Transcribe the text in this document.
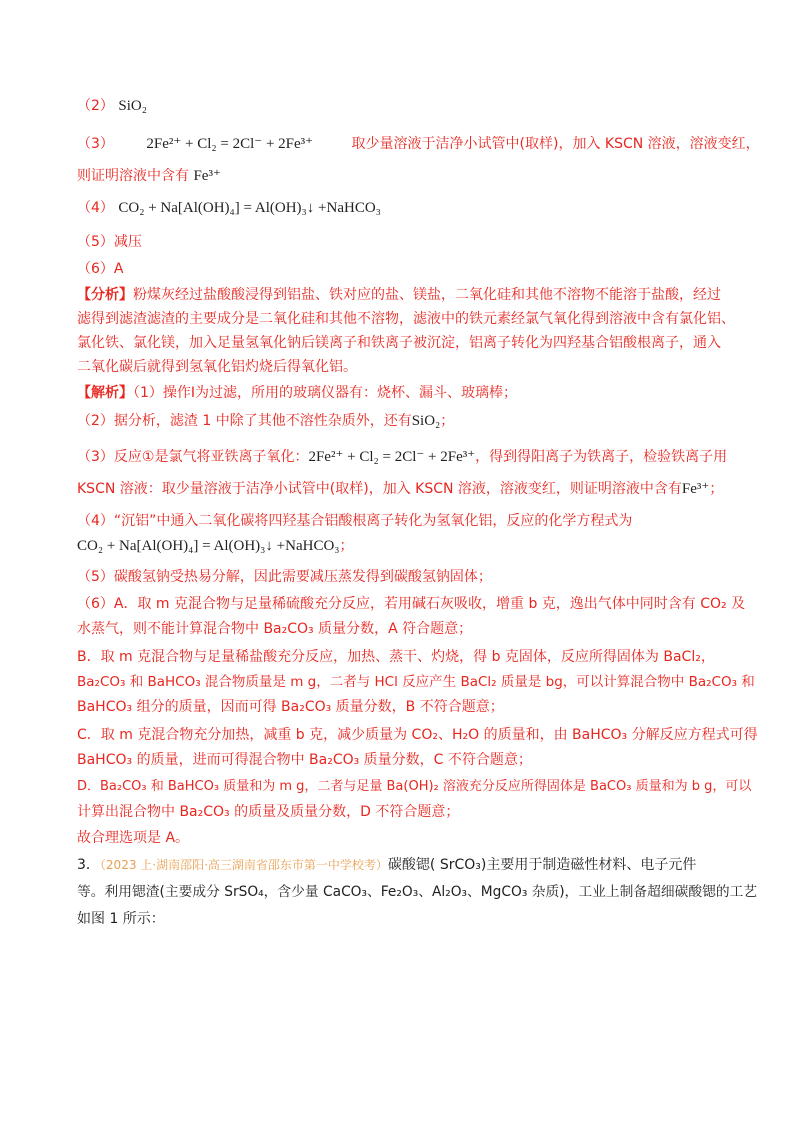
（2） SiO₂
（3） 2Fe²⁺ + Cl₂ = 2Cl⁻ + 2Fe³⁺	取少量溶液于洁净小试管中(取样)，加入 KSCN 溶液，溶液变红，
则证明溶液中含有 Fe³⁺
（4） CO₂ + Na[Al(OH)₄] = Al(OH)₃↓ +NaHCO₃
（5）减压
（6）A
【分析】粉煤灰经过盐酸酸浸得到铝盐、铁对应的盐、镁盐，二氧化硅和其他不溶物不能溶于盐酸，经过
滤得到滤渣滤渣的主要成分是二氧化硅和其他不溶物，滤液中的铁元素经氯气氧化得到溶液中含有氯化铝、
氯化铁、氯化镁，加入足量氢氧化钠后镁离子和铁离子被沉淀，铝离子转化为四羟基合铝酸根离子，通入
二氧化碳后就得到氢氧化铝灼烧后得氧化铝。
【解析】（1）操作Ⅰ为过滤，所用的玻璃仪器有：烧杯、漏斗、玻璃棒；
（2）据分析，滤渣 1 中除了其他不溶性杂质外，还有SiO₂；
（3）反应①是氯气将亚铁离子氧化：2Fe²⁺ + Cl₂ = 2Cl⁻ + 2Fe³⁺，得到得阳离子为铁离子，检验铁离子用
KSCN 溶液：取少量溶液于洁净小试管中(取样)，加入 KSCN 溶液，溶液变红，则证明溶液中含有Fe³⁺；
（4）“沉铝”中通入二氧化碳将四羟基合铝酸根离子转化为氢氧化铝，反应的化学方程式为
CO₂ + Na[Al(OH)₄] = Al(OH)₃↓ +NaHCO₃；
（5）碳酸氢钠受热易分解，因此需要减压蒸发得到碳酸氢钠固体；
（6）A．取 m 克混合物与足量稀硫酸充分反应，若用碱石灰吸收，增重 b 克，逸出气体中同时含有 CO₂ 及
水蒸气，则不能计算混合物中 Ba₂CO₃ 质量分数，A 符合题意；
B．取 m 克混合物与足量稀盐酸充分反应，加热、蒸干、灼烧，得 b 克固体，反应所得固体为 BaCl₂，
Ba₂CO₃ 和 BaHCO₃ 混合物质量是 m g，二者与 HCl 反应产生 BaCl₂ 质量是 bg，可以计算混合物中 Ba₂CO₃ 和
BaHCO₃ 组分的质量，因而可得 Ba₂CO₃ 质量分数，B 不符合题意；
C．取 m 克混合物充分加热，减重 b 克，减少质量为 CO₂、H₂O 的质量和，由 BaHCO₃ 分解反应方程式可得
BaHCO₃ 的质量，进而可得混合物中 Ba₂CO₃ 质量分数，C 不符合题意；
D．Ba₂CO₃ 和 BaHCO₃ 质量和为 m g，二者与足量 Ba(OH)₂ 溶液充分反应所得固体是 BaCO₃ 质量和为 b g，可以
计算出混合物中 Ba₂CO₃ 的质量及质量分数，D 不符合题意；
故合理选项是 A。
3．（2023 上·湖南邵阳·高三湖南省邵东市第一中学校考）碳酸锶( SrCO₃)主要用于制造磁性材料、电子元件
等。利用锶渣(主要成分 SrSO₄，含少量 CaCO₃、Fe₂O₃、Al₂O₃、MgCO₃ 杂质)，工业上制备超细碳酸锶的工艺
如图 1 所示：
